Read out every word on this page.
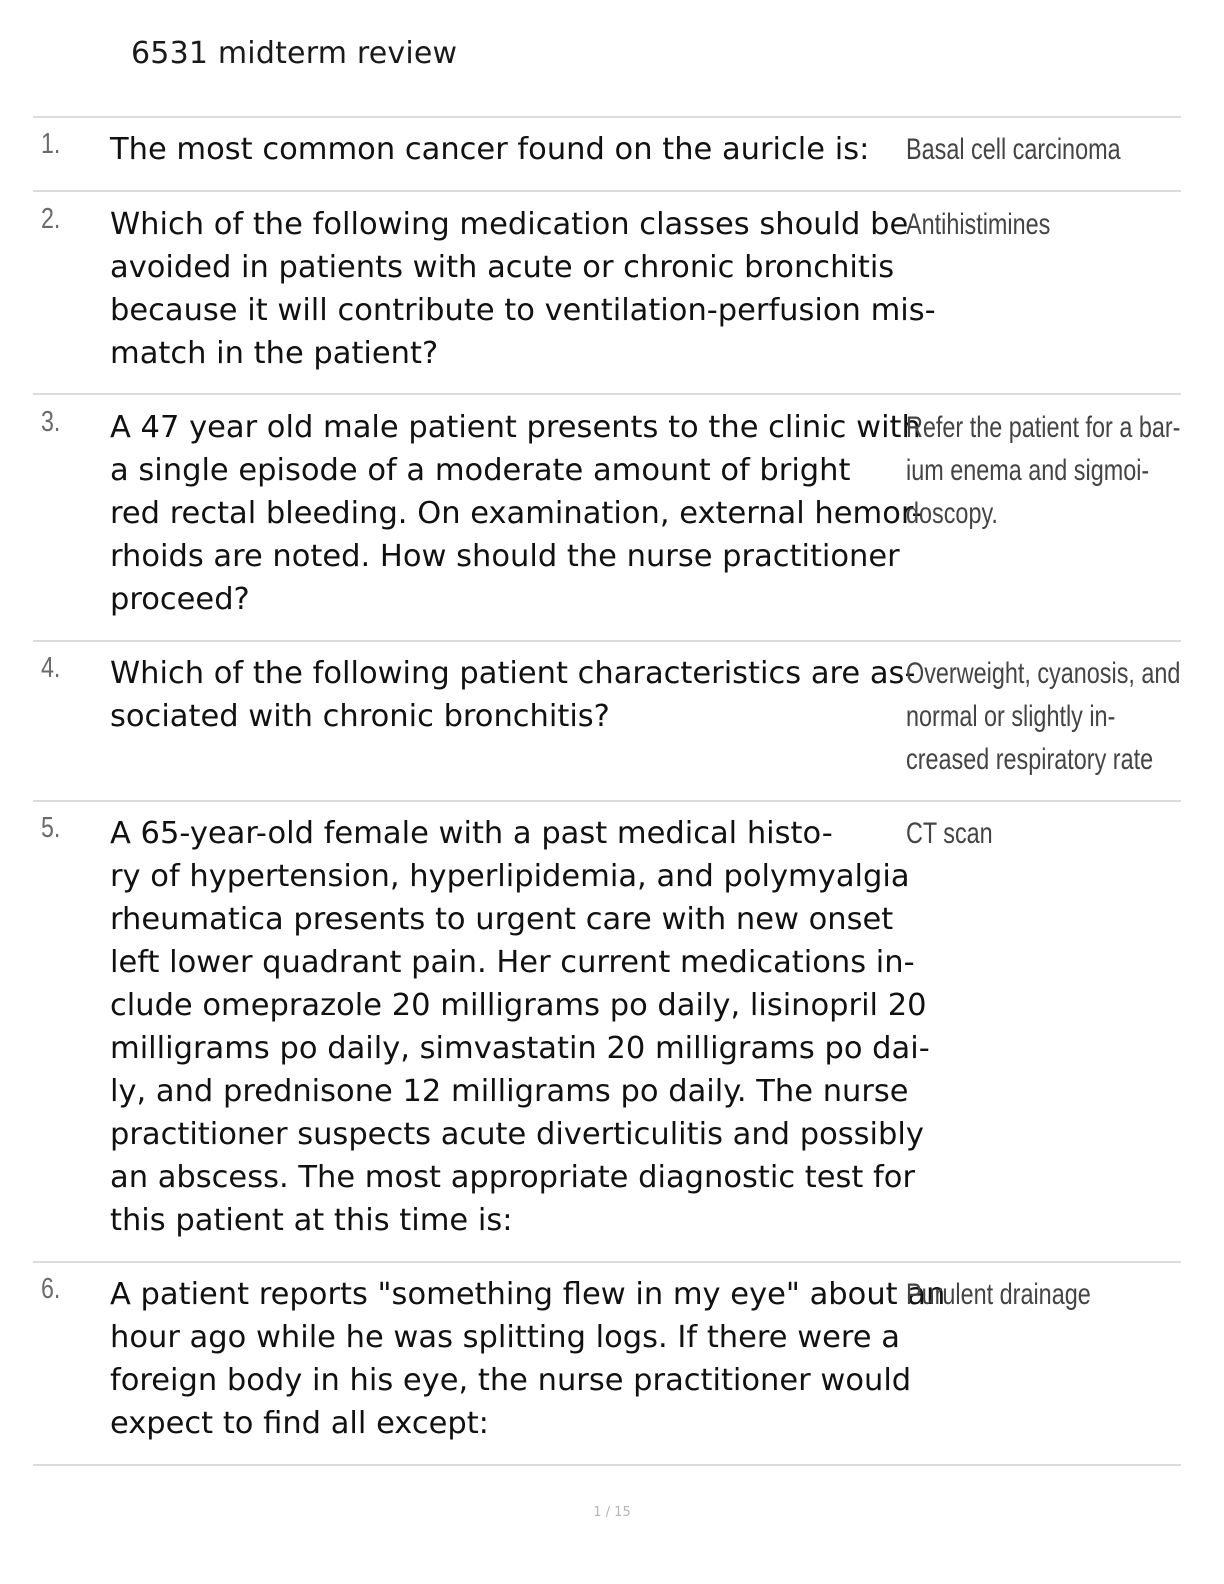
6531 midterm review
1. The most common cancer found on the auricle is:	Basal cell carcinoma
2. Which of the following medication classes should be
avoided in patients with acute or chronic bronchitis
because it will contribute to ventilation-perfusion mis-
match in the patient?
Antihistimines
3. A 47 year old male patient presents to the clinic with
a single episode of a moderate amount of bright
red rectal bleeding. On examination, external hemor-
rhoids are noted. How should the nurse practitioner
proceed?
Refer the patient for a bar-
ium enema and sigmoi-
doscopy.
4. Which of the following patient characteristics are as-
sociated with chronic bronchitis?
Overweight, cyanosis, and
normal or slightly in-
creased respiratory rate
5. A 65-year-old female with a past medical histo-
ry of hypertension, hyperlipidemia, and polymyalgia
rheumatica presents to urgent care with new onset
left lower quadrant pain. Her current medications in-
clude omeprazole 20 milligrams po daily, lisinopril 20
milligrams po daily, simvastatin 20 milligrams po dai-
ly, and prednisone 12 milligrams po daily. The nurse
practitioner suspects acute diverticulitis and possibly
an abscess. The most appropriate diagnostic test for
this patient at this time is:
CT scan
6. A patient reports "something flew in my eye" about an
hour ago while he was splitting logs. If there were a
foreign body in his eye, the nurse practitioner would
expect to find all except:
Purulent drainage
1 / 15
